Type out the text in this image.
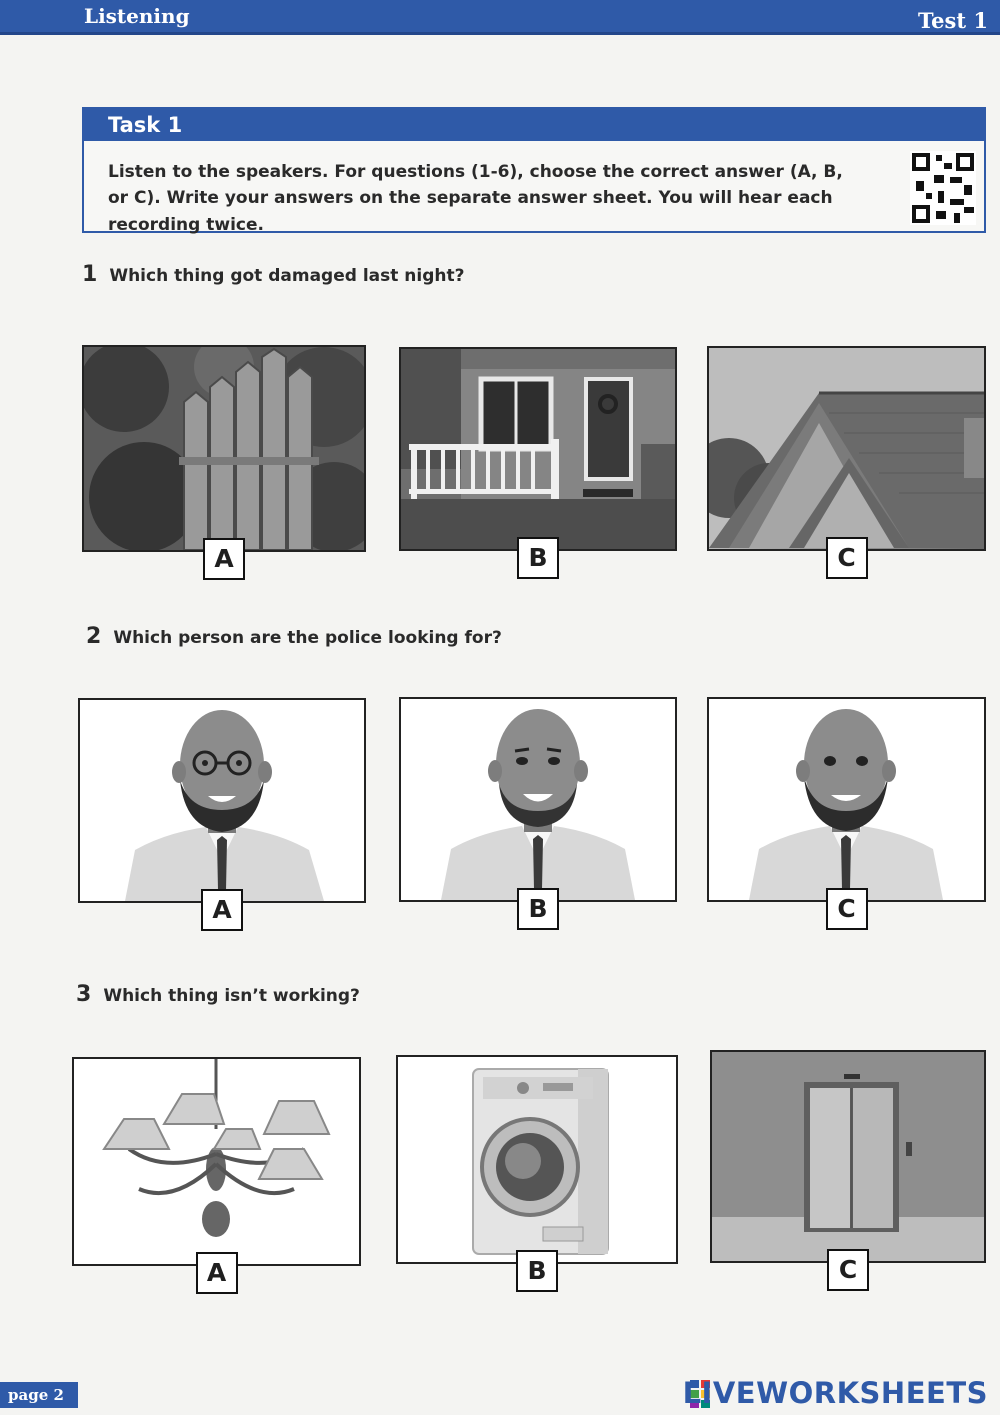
Listening	Test 1
Task 1
Listen to the speakers. For questions (1-6), choose the correct answer (A, B, or C). Write your answers on the separate answer sheet. You will hear each recording twice.
1 Which thing got damaged last night?
A	B	C
2 Which person are the police looking for?
A	B	C
3 Which thing isn’t working?
A	B	C
page 2	LIVEWORKSHEETS
